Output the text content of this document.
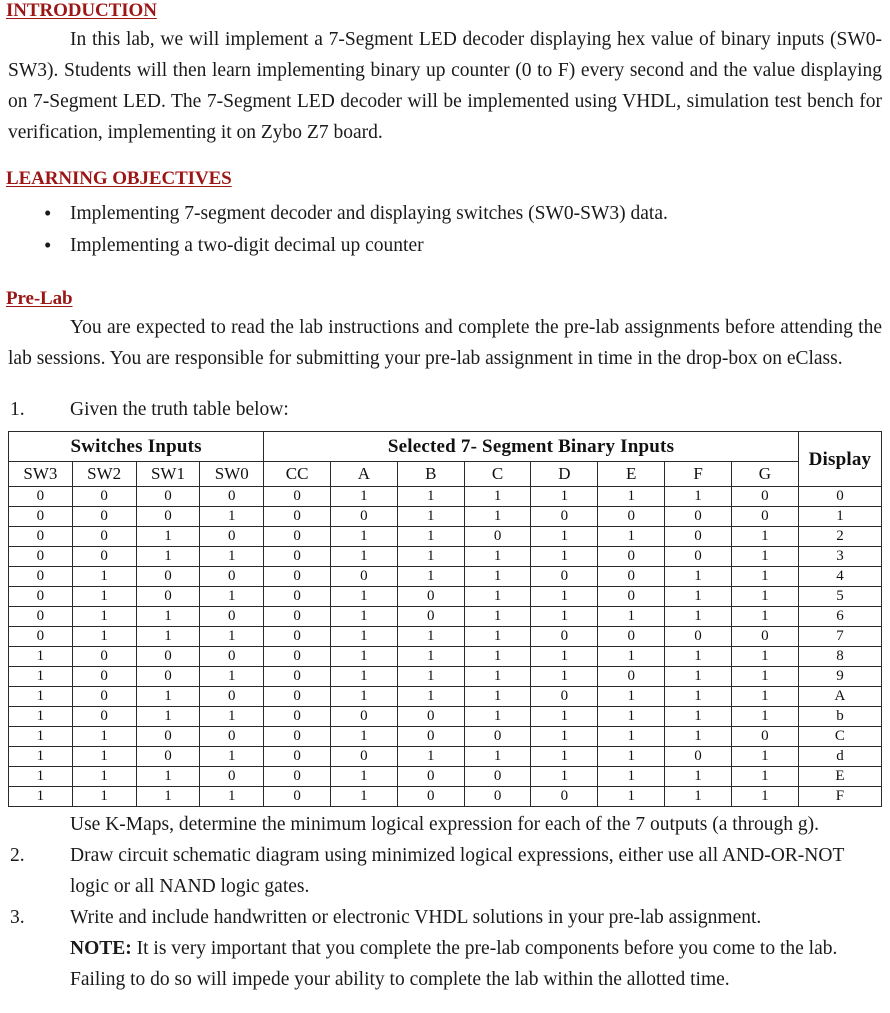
INTRODUCTION

In this lab, we will implement a 7-Segment LED decoder displaying hex value of binary inputs (SW0-SW3). Students will then learn implementing binary up counter (0 to F) every second and the value displaying on 7-Segment LED. The 7-Segment LED decoder will be implemented using VHDL, simulation test bench for verification, implementing it on Zybo Z7 board.

LEARNING OBJECTIVES
• Implementing 7-segment decoder and displaying switches (SW0-SW3) data.
• Implementing a two-digit decimal up counter
Pre-Lab

You are expected to read the lab instructions and complete the pre-lab assignments before attending the lab sessions. You are responsible for submitting your pre-lab assignment in time in the drop-box on eClass.

1. Given the truth table below:
Switches Inputs				Selected 7- Segment Binary Inputs								Display
SW3	SW2	SW1	SW0	CC	A	B	C	D	E	F	G	
0	0	0	0	0	1	1	1	1	1	1	0	0
0	0	0	1	0	0	1	1	0	0	0	0	1
0	0	1	0	0	1	1	0	1	1	0	1	2
0	0	1	1	0	1	1	1	1	0	0	1	3
0	1	0	0	0	0	1	1	0	0	1	1	4
0	1	0	1	0	1	0	1	1	0	1	1	5
0	1	1	0	0	1	0	1	1	1	1	1	6
0	1	1	1	0	1	1	1	0	0	0	0	7
1	0	0	0	0	1	1	1	1	1	1	1	8
1	0	0	1	0	1	1	1	1	0	1	1	9
1	0	1	0	0	1	1	1	0	1	1	1	A
1	0	1	1	0	0	0	1	1	1	1	1	b
1	1	0	0	0	1	0	0	1	1	1	0	C
1	1	0	1	0	0	1	1	1	1	0	1	d
1	1	1	0	0	1	0	0	1	1	1	1	E
1	1	1	1	0	1	0	0	0	1	1	1	F
Use K-Maps, determine the minimum logical expression for each of the 7 outputs (a through g).
2. Draw circuit schematic diagram using minimized logical expressions, either use all AND-OR-NOT
logic or all NAND logic gates.
3. Write and include handwritten or electronic VHDL solutions in your pre-lab assignment.
NOTE: It is very important that you complete the pre-lab components before you come to the lab.
Failing to do so will impede your ability to complete the lab within the allotted time.
